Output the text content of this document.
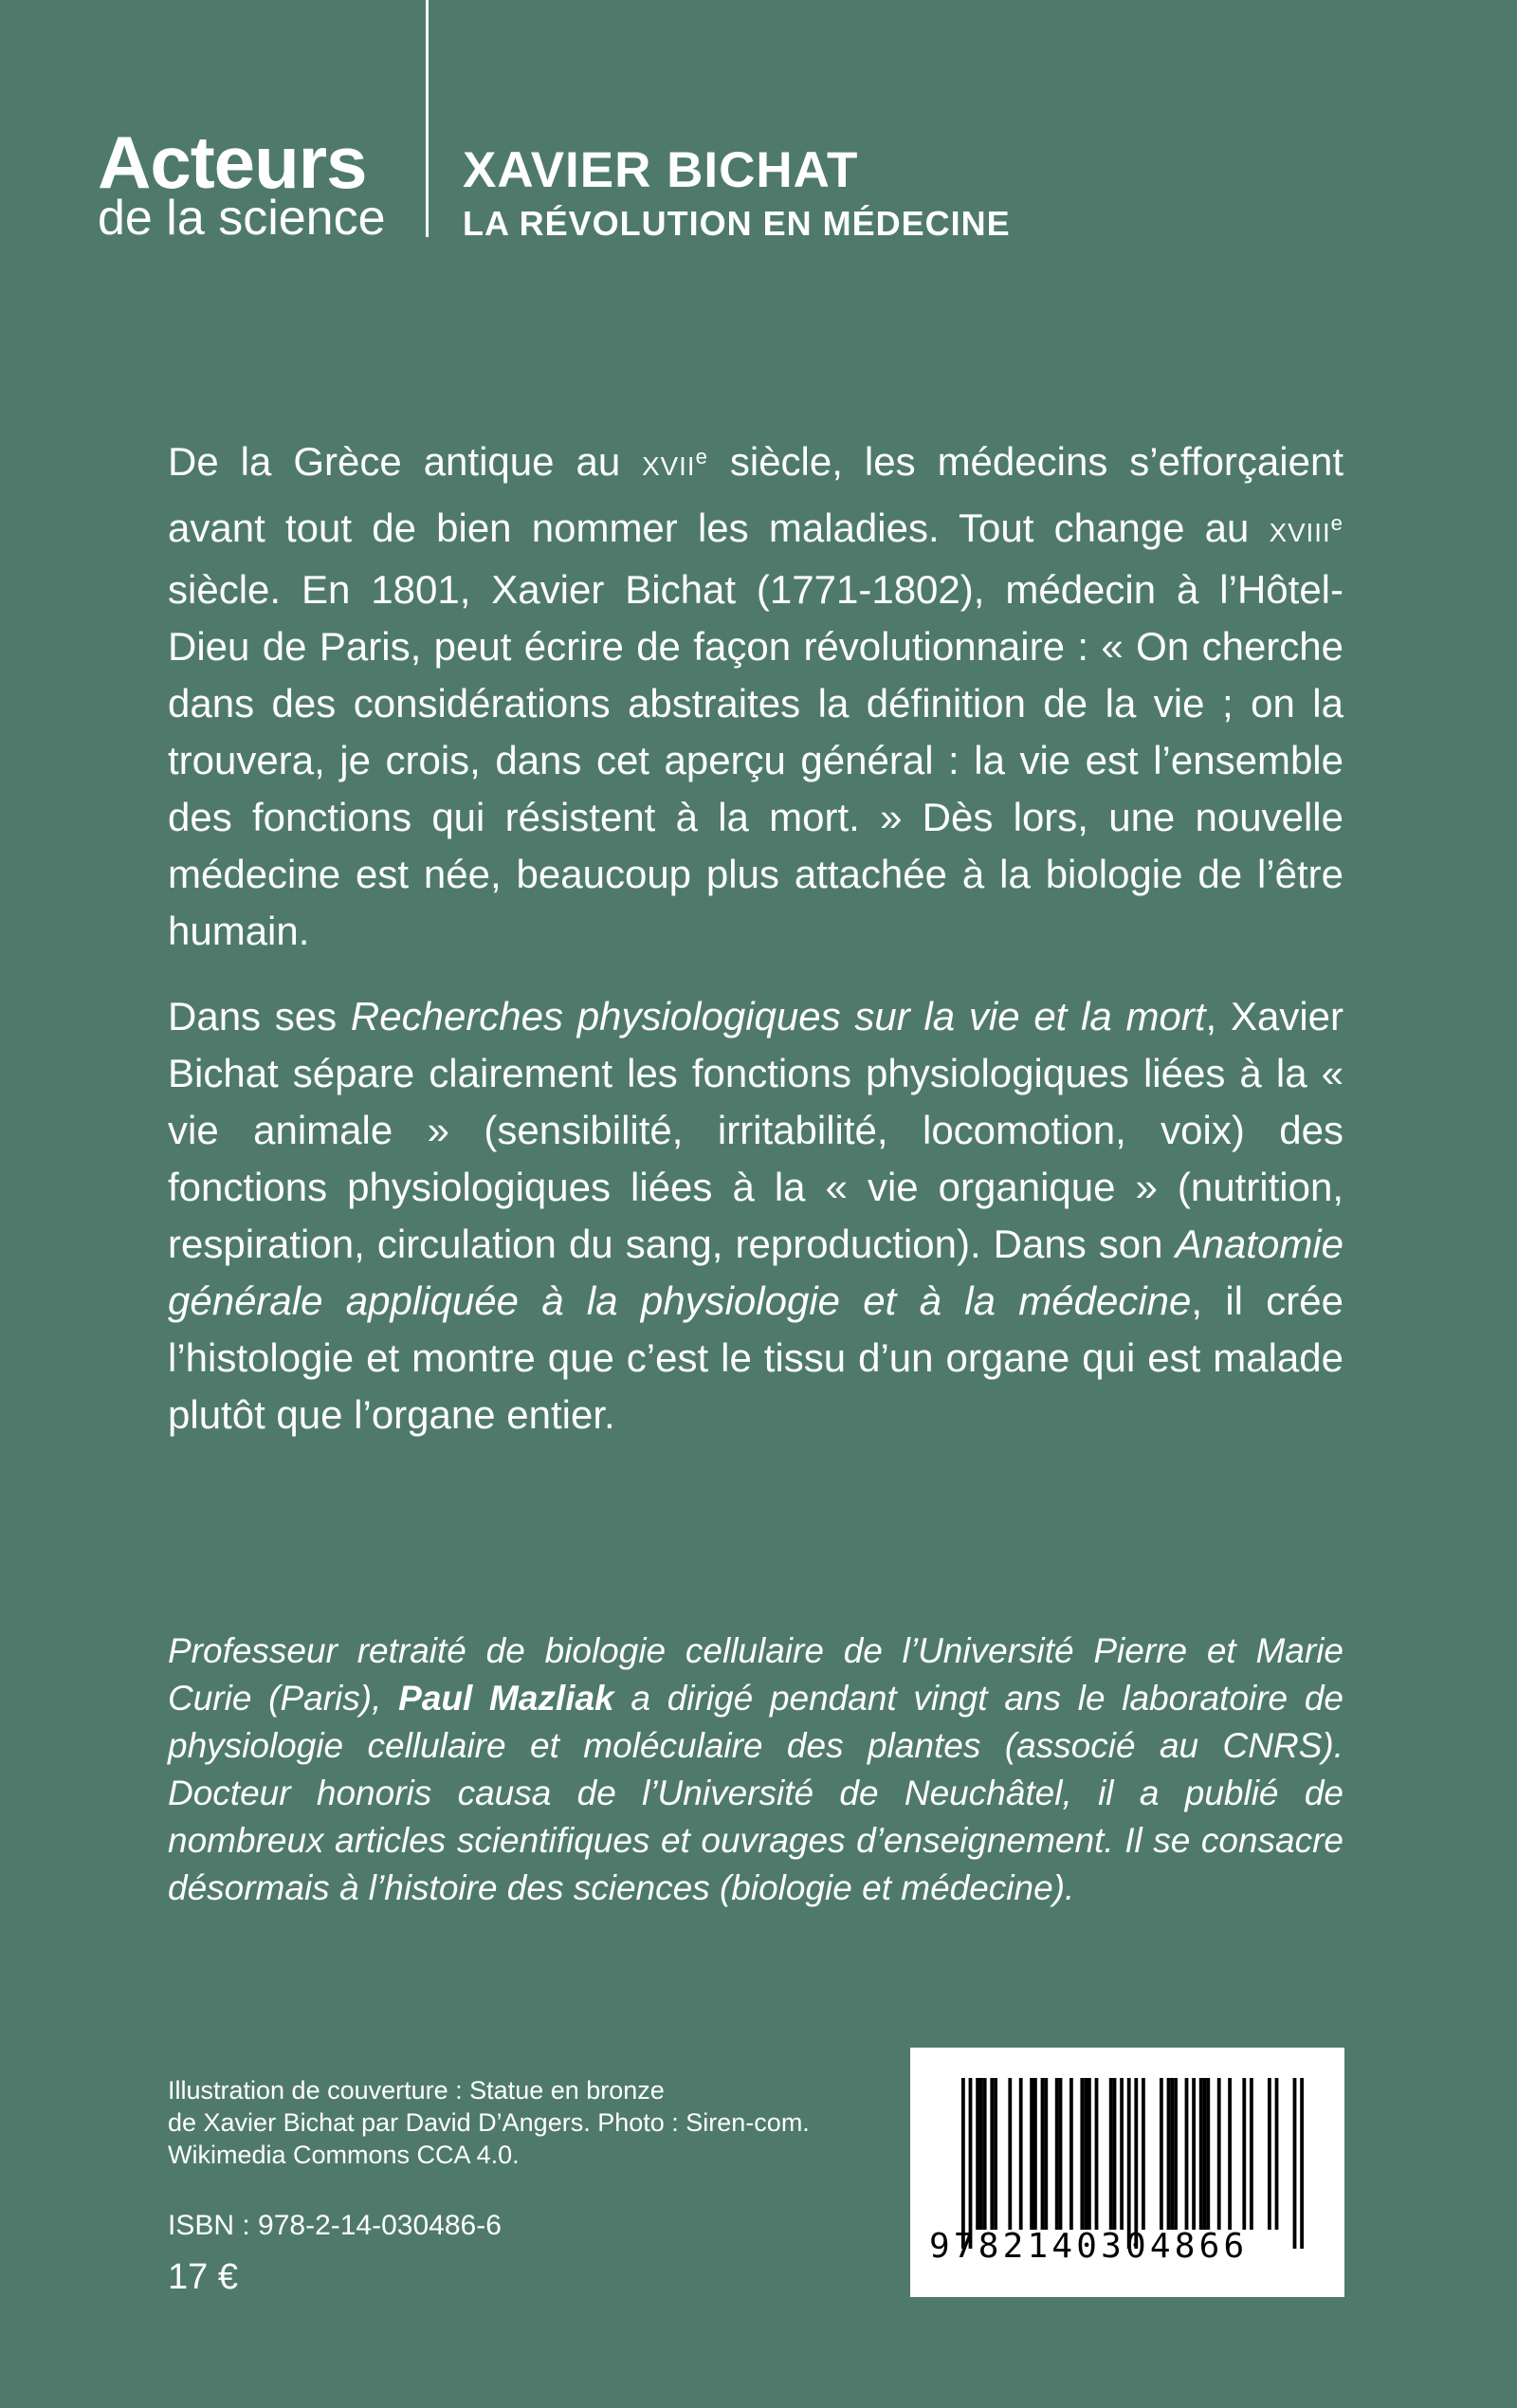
Acteurs
de la science
XAVIER BICHAT
LA RÉVOLUTION EN MÉDECINE

De la Grèce antique au XVIIe siècle, les médecins s’efforçaient avant tout de bien nommer les maladies. Tout change au XVIIIe siècle. En 1801, Xavier Bichat (1771-1802), médecin à l’Hôtel-Dieu de Paris, peut écrire de façon révolutionnaire : « On cherche dans des considérations abstraites la définition de la vie ; on la trouvera, je crois, dans cet aperçu général : la vie est l’ensemble des fonctions qui résistent à la mort. » Dès lors, une nouvelle médecine est née, beaucoup plus attachée à la biologie de l’être humain.

Dans ses Recherches physiologiques sur la vie et la mort, Xavier Bichat sépare clairement les fonctions physiologiques liées à la « vie animale » (sensibilité, irritabilité, locomotion, voix) des fonctions physiologiques liées à la « vie organique » (nutrition, respiration, circulation du sang, reproduction). Dans son Anatomie générale appliquée à la physiologie et à la médecine, il crée l’histologie et montre que c’est le tissu d’un organe qui est malade plutôt que l’organe entier.

Professeur retraité de biologie cellulaire de l’Université Pierre et Marie Curie (Paris), Paul Mazliak a dirigé pendant vingt ans le laboratoire de physiologie cellulaire et moléculaire des plantes (associé au CNRS). Docteur honoris causa de l’Université de Neuchâtel, il a publié de nombreux articles scientifiques et ouvrages d’enseignement. Il se consacre désormais à l’histoire des sciences (biologie et médecine).
Illustration de couverture : Statue en bronze
de Xavier Bichat par David D’Angers. Photo : Siren-com.
Wikimedia Commons CCA 4.0.
ISBN : 978-2-14-030486-6
17 €
9782140304866
